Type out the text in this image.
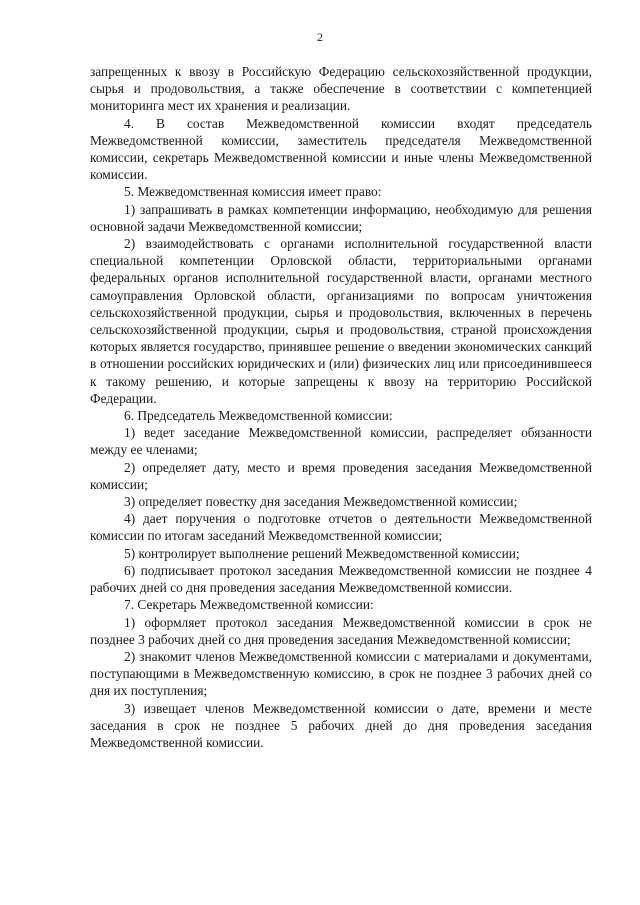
2

запрещенных к ввозу в Российскую Федерацию сельскохозяйственной продукции, сырья и продовольствия, а также обеспечение в соответствии с компетенцией мониторинга мест их хранения и реализации.

4. В состав Межведомственной комиссии входят председатель Межведомственной комиссии, заместитель председателя Межведомственной комиссии, секретарь Межведомственной комиссии и иные члены Межведомственной комиссии.

5. Межведомственная комиссия имеет право:

1) запрашивать в рамках компетенции информацию, необходимую для решения основной задачи Межведомственной комиссии;

2) взаимодействовать с органами исполнительной государственной власти специальной компетенции Орловской области, территориальными органами федеральных органов исполнительной государственной власти, органами местного самоуправления Орловской области, организациями по вопросам уничтожения сельскохозяйственной продукции, сырья и продовольствия, включенных в перечень сельскохозяйственной продукции, сырья и продовольствия, страной происхождения которых является государство, принявшее решение о введении экономических санкций в отношении российских юридических и (или) физических лиц или присоединившееся к такому решению, и которые запрещены к ввозу на территорию Российской Федерации.

6. Председатель Межведомственной комиссии:

1) ведет заседание Межведомственной комиссии, распределяет обязанности между ее членами;

2) определяет дату, место и время проведения заседания Межведомственной комиссии;

3) определяет повестку дня заседания Межведомственной комиссии;

4) дает поручения о подготовке отчетов о деятельности Межведомственной комиссии по итогам заседаний Межведомственной комиссии;

5) контролирует выполнение решений Межведомственной комиссии;

6) подписывает протокол заседания Межведомственной комиссии не позднее 4 рабочих дней со дня проведения заседания Межведомственной комиссии.

7. Секретарь Межведомственной комиссии:

1) оформляет протокол заседания Межведомственной комиссии в срок не позднее 3 рабочих дней со дня проведения заседания Межведомственной комиссии;

2) знакомит членов Межведомственной комиссии с материалами и документами, поступающими в Межведомственную комиссию, в срок не позднее 3 рабочих дней со дня их поступления;

3) извещает членов Межведомственной комиссии о дате, времени и месте заседания в срок не позднее 5 рабочих дней до дня проведения заседания Межведомственной комиссии.
